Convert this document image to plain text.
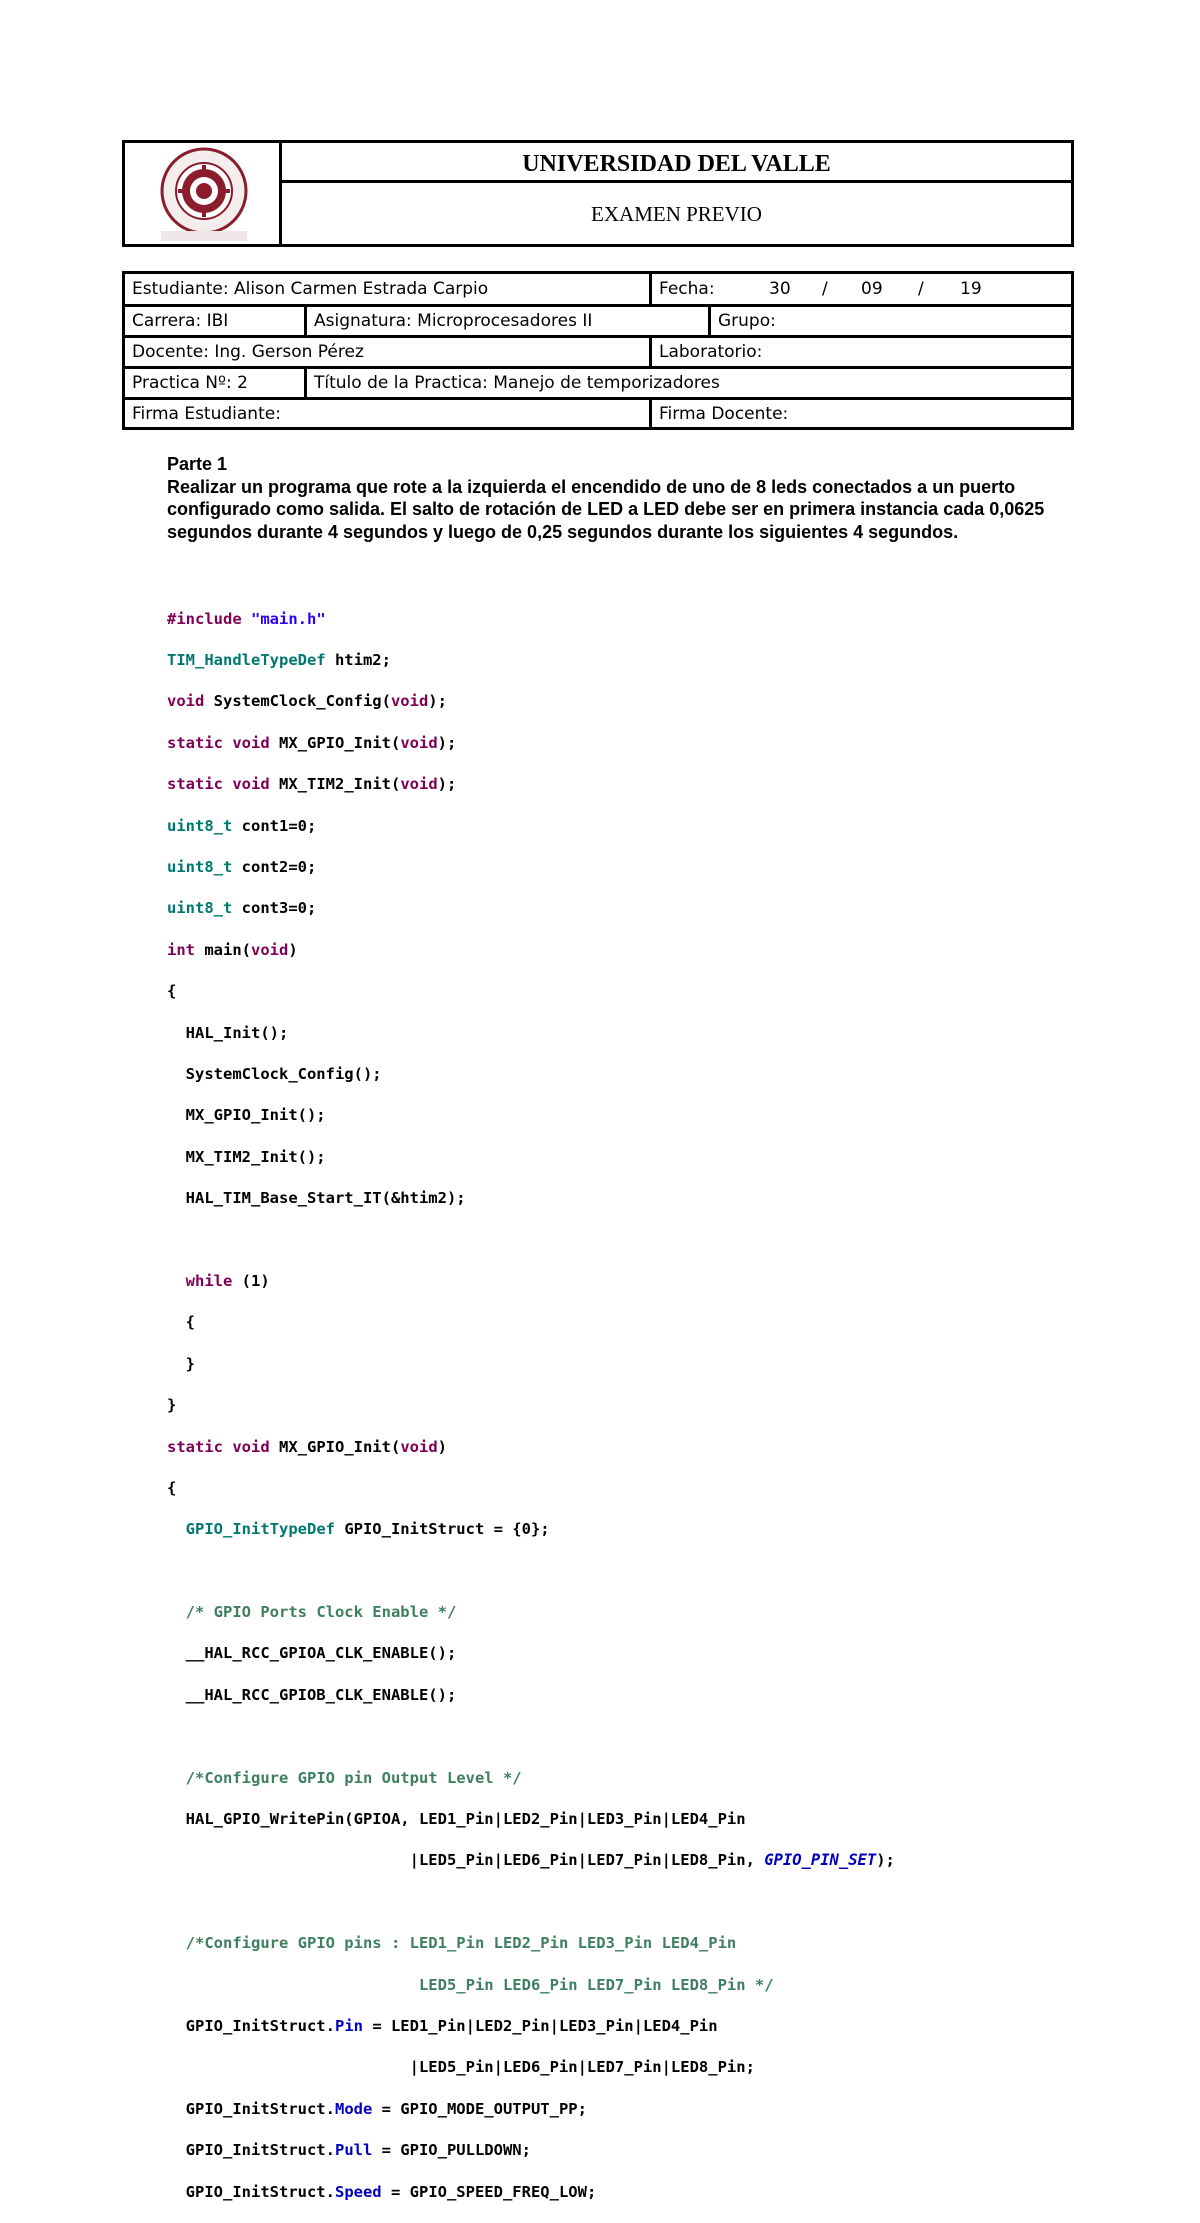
UNIVERSIDAD DEL VALLE
EXAMEN PREVIO
Estudiante: Alison Carmen Estrada Carpio	Fecha:	30 / 09 / 19
Carrera: IBI	Asignatura: Microprocesadores II	Grupo:
Docente: Ing. Gerson Pérez	Laboratorio:
Practica Nº: 2	Título de la Practica: Manejo de temporizadores
Firma Estudiante:	Firma Docente:

Parte 1

Realizar un programa que rote a la izquierda el encendido de uno de 8 leds conectados a un puerto configurado como salida. El salto de rotación de LED a LED debe ser en primera instancia cada 0,0625 segundos durante 4 segundos y luego de 0,25 segundos durante los siguientes 4 segundos.

#include "main.h"

TIM_HandleTypeDef htim2;

void SystemClock_Config(void);

static void MX_GPIO_Init(void);

static void MX_TIM2_Init(void);

uint8_t cont1=0;

uint8_t cont2=0;

uint8_t cont3=0;

int main(void)

{

HAL_Init();

SystemClock_Config();

MX_GPIO_Init();

MX_TIM2_Init();

HAL_TIM_Base_Start_IT(&htim2);

while (1)

{

}

}

static void MX_GPIO_Init(void)

{

GPIO_InitTypeDef GPIO_InitStruct = {0};

/* GPIO Ports Clock Enable */

__HAL_RCC_GPIOA_CLK_ENABLE();

__HAL_RCC_GPIOB_CLK_ENABLE();

/*Configure GPIO pin Output Level */

HAL_GPIO_WritePin(GPIOA, LED1_Pin|LED2_Pin|LED3_Pin|LED4_Pin

|LED5_Pin|LED6_Pin|LED7_Pin|LED8_Pin, GPIO_PIN_SET);

/*Configure GPIO pins : LED1_Pin LED2_Pin LED3_Pin LED4_Pin

LED5_Pin LED6_Pin LED7_Pin LED8_Pin */

GPIO_InitStruct.Pin = LED1_Pin|LED2_Pin|LED3_Pin|LED4_Pin

|LED5_Pin|LED6_Pin|LED7_Pin|LED8_Pin;

GPIO_InitStruct.Mode = GPIO_MODE_OUTPUT_PP;

GPIO_InitStruct.Pull = GPIO_PULLDOWN;

GPIO_InitStruct.Speed = GPIO_SPEED_FREQ_LOW;
